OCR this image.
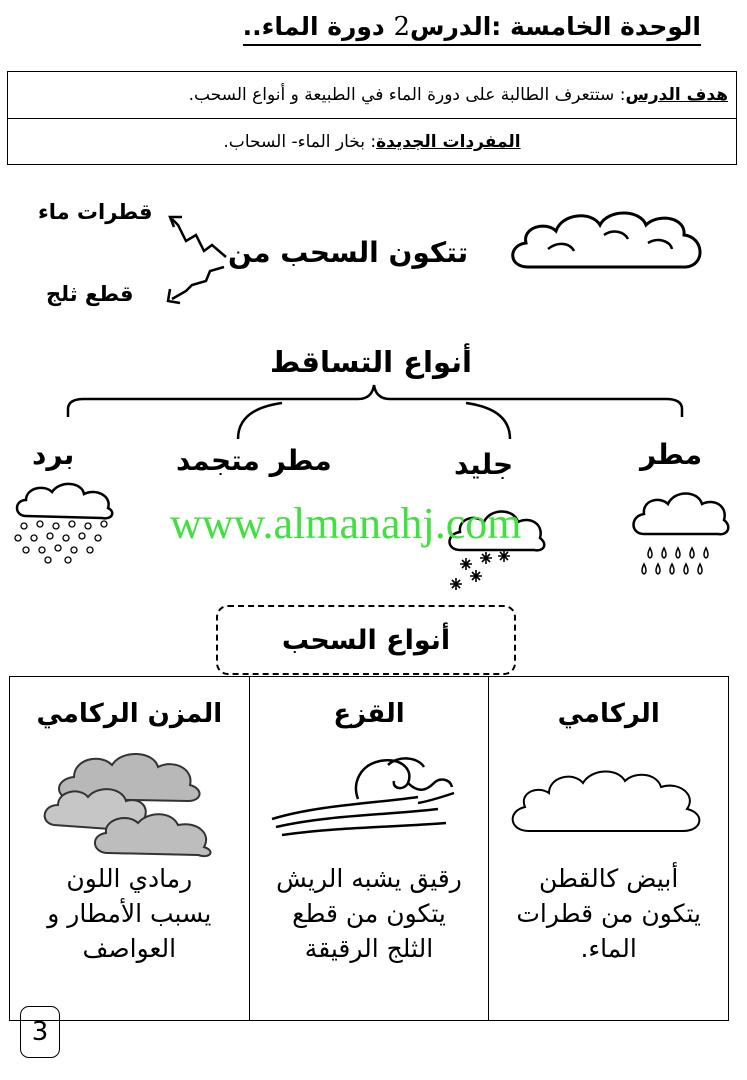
الوحدة الخامسة :الدرس2 دورة الماء..
هدف الدرس
: ستتعرف الطالبة على دورة الماء في الطبيعة و أنواع السحب.
المفردات الجديدة
: بخار الماء- السحاب.
تتكون السحب من
قطرات ماء
قطع ثلج
أنواع التساقط
مطر
جليد
مطر متجمد
برد
www.almanahj.com
الركامي
أبيض كالقطن
يتكون من قطرات
الماء.
القزع
رقيق يشبه الريش
يتكون من قطع
الثلج الرقيقة
المزن الركامي
رمادي اللون
يسبب الأمطار و
العواصف
أنواع السحب
3
